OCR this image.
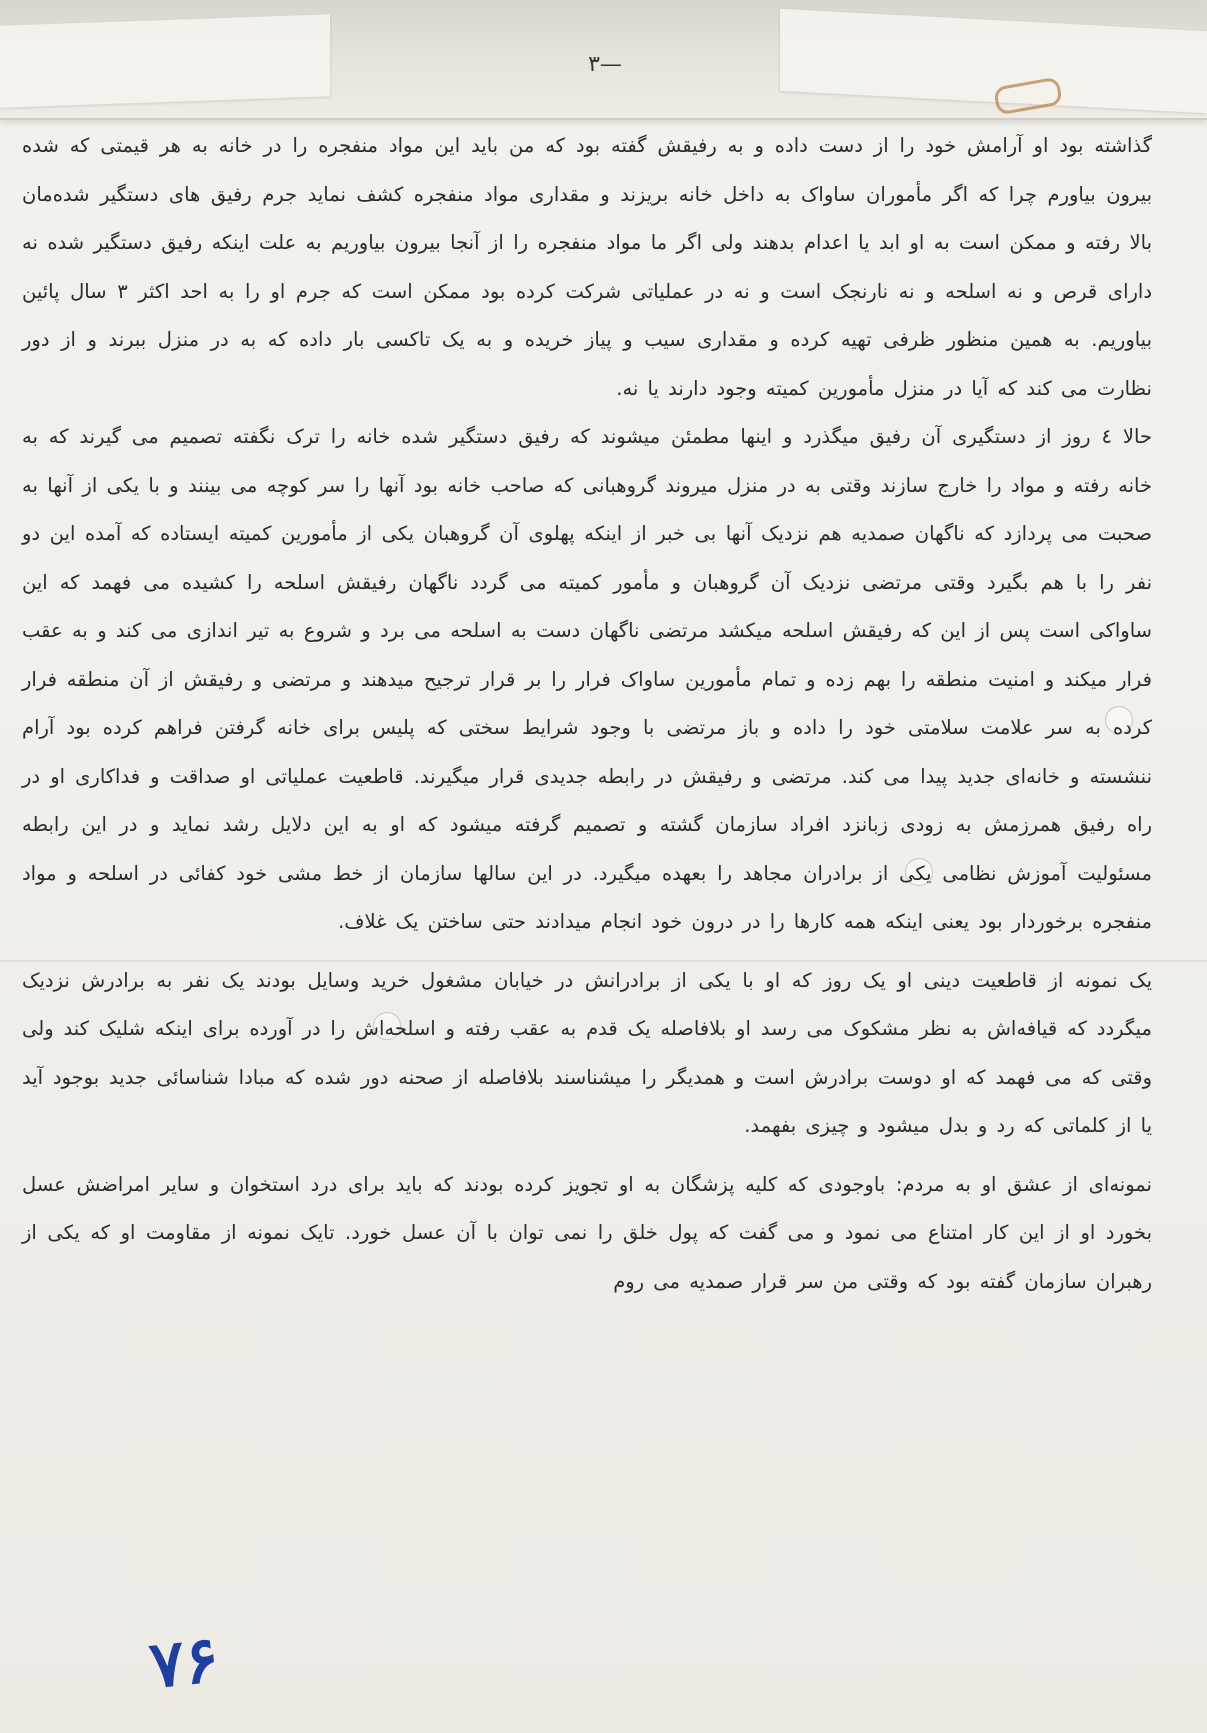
۳—

گذاشته بود او آرامش خود را از دست داده و به رفیقش گفته بود که من باید این مواد منفجره را در خانه به هر قیمتی که شده بیرون بیاورم چرا که اگر مأموران ساواک به داخل خانه بریزند و مقداری مواد منفجره کشف نماید جرم رفیق های دستگیر شده‌مان بالا رفته و ممکن است به او ابد یا اعدام بدهند ولی اگر ما مواد منفجره را از آنجا بیرون بیاوریم به علت اینکه رفیق دستگیر شده نه دارای قرص و نه اسلحه و نه نارنجک است و نه در عملیاتی شرکت کرده بود ممکن است که جرم او را به احد اکثر ۳ سال پائین بیاوریم. به همین منظور ظرفی تهیه کرده و مقداری سیب و پیاز خریده و به یک تاکسی بار داده که به در منزل ببرند و از دور نظارت می کند که آیا در منزل مأمورین کمیته وجود دارند یا نه.

حالا ٤ روز از دستگیری آن رفیق میگذرد و اینها مطمئن میشوند که رفیق دستگیر شده خانه را ترک نگفته تصمیم می گیرند که به خانه رفته و مواد را خارج سازند وقتی به در منزل میروند گروهبانی که صاحب خانه بود آنها را سر کوچه می بینند و با یکی از آنها به صحبت می پردازد که ناگهان صمدیه هم نزدیک آنها بی خبر از اینکه پهلوی آن گروهبان یکی از مأمورین کمیته ایستاده که آمده این دو نفر را با هم بگیرد وقتی مرتضی نزدیک آن گروهبان و مأمور کمیته می گردد ناگهان رفیقش اسلحه را کشیده می فهمد که این ساواکی است پس از این که رفیقش اسلحه میکشد مرتضی ناگهان دست به اسلحه می برد و شروع به تیر اندازی می کند و به عقب فرار میکند و امنیت منطقه را بهم زده و تمام مأمورین ساواک فرار را بر قرار ترجیح میدهند و مرتضی و رفیقش از آن منطقه فرار کرده به سر علامت سلامتی خود را داده و باز مرتضی با وجود شرایط سختی که پلیس برای خانه گرفتن فراهم کرده بود آرام ننشسته و خانه‌ای جدید پیدا می کند. مرتضی و رفیقش در رابطه جدیدی قرار میگیرند. قاطعیت عملیاتی او صداقت و فداکاری او در راه رفیق همرزمش به زودی زبانزد افراد سازمان گشته و تصمیم گرفته میشود که او به این دلایل رشد نماید و در این رابطه مسئولیت آموزش نظامی یکی از برادران مجاهد را بعهده میگیرد. در این سالها سازمان از خط مشی خود کفائی در اسلحه و مواد منفجره برخوردار بود یعنی اینکه همه کارها را در درون خود انجام میدادند حتی ساختن یک غلاف.

یک نمونه از قاطعیت دینی او یک روز که او با یکی از برادرانش در خیابان مشغول خرید وسایل بودند یک نفر به برادرش نزدیک میگردد که قیافه‌اش به نظر مشکوک می رسد او بلافاصله یک قدم به عقب رفته و اسلحه‌اش را در آورده برای اینکه شلیک کند ولی وقتی که می فهمد که او دوست برادرش است و همدیگر را میشناسند بلافاصله از صحنه دور شده که مبادا شناسائی جدید بوجود آید یا از کلماتی که رد و بدل میشود و چیزی بفهمد.

نمونه‌ای از عشق او به مردم: باوجودی که کلیه پزشگان به او تجویز کرده بودند که باید برای درد استخوان و سایر امراضش عسل بخورد او از این کار امتناع می نمود و می گفت که پول خلق را نمی توان با آن عسل خورد. تایک نمونه از مقاومت او که یکی از رهبران سازمان گفته بود که وقتی من سر قرار صمدیه می روم

۷۶
